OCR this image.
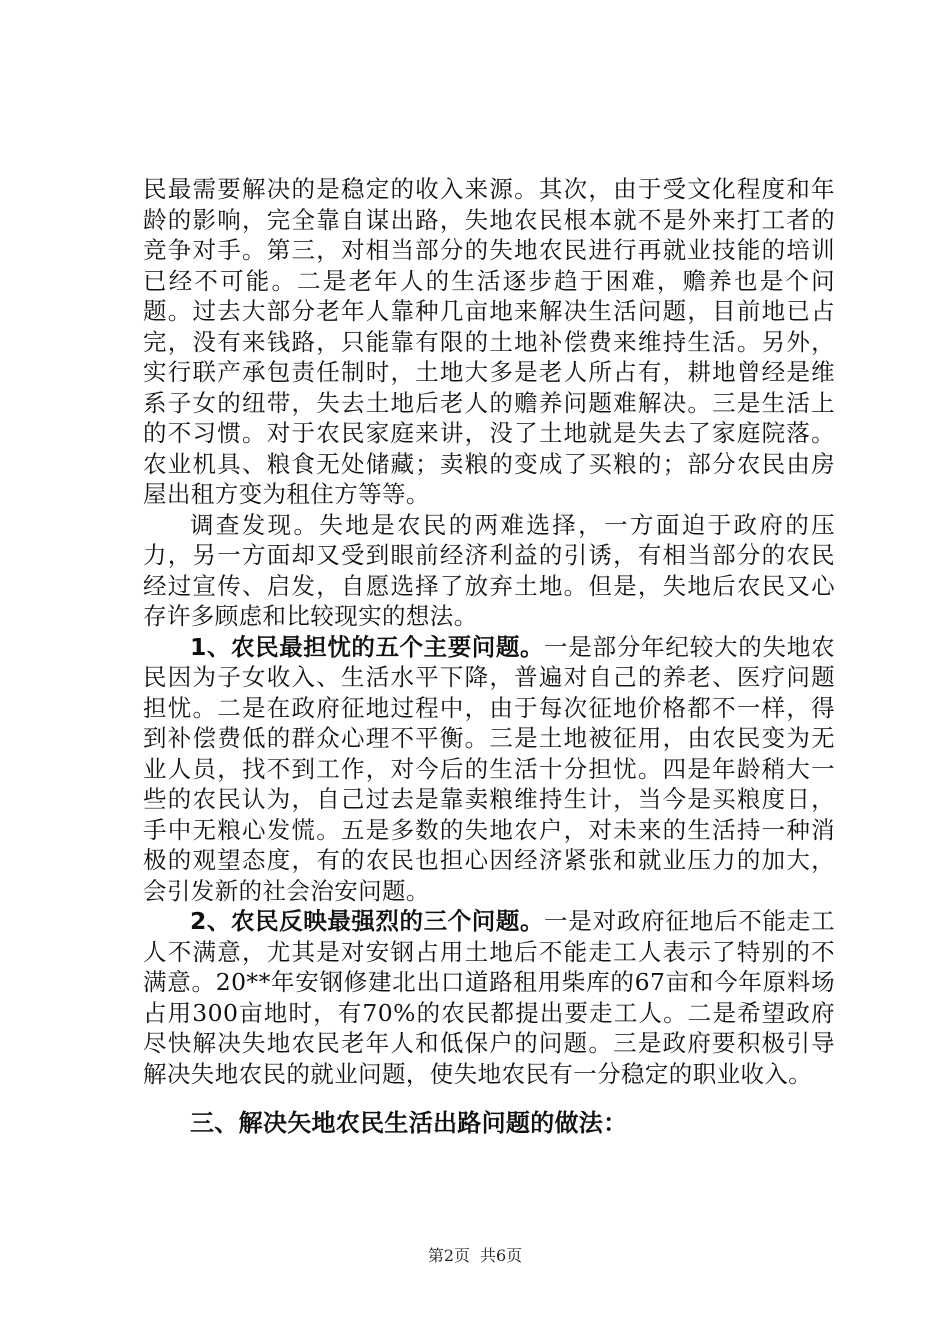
民最需要解决的是稳定的收入来源。其次，由于受文化程度和年龄的影响，完全靠自谋出路，失地农民根本就不是外来打工者的竞争对手。第三，对相当部分的失地农民进行再就业技能的培训已经不可能。二是老年人的生活逐步趋于困难，赡养也是个问题。过去大部分老年人靠种几亩地来解决生活问题，目前地已占完，没有来钱路，只能靠有限的土地补偿费来维持生活。另外，实行联产承包责任制时，土地大多是老人所占有，耕地曾经是维系子女的纽带，失去土地后老人的赡养问题难解决。三是生活上的不习惯。对于农民家庭来讲，没了土地就是失去了家庭院落。农业机具、粮食无处储藏；卖粮的变成了买粮的；部分农民由房屋出租方变为租住方等等。

调查发现。失地是农民的两难选择，一方面迫于政府的压力，另一方面却又受到眼前经济利益的引诱，有相当部分的农民经过宣传、启发，自愿选择了放弃土地。但是，失地后农民又心存许多顾虑和比较现实的想法。

1、农民最担忧的五个主要问题。一是部分年纪较大的失地农民因为子女收入、生活水平下降，普遍对自己的养老、医疗问题担忧。二是在政府征地过程中，由于每次征地价格都不一样，得到补偿费低的群众心理不平衡。三是土地被征用，由农民变为无业人员，找不到工作，对今后的生活十分担忧。四是年龄稍大一些的农民认为，自己过去是靠卖粮维持生计，当今是买粮度日，手中无粮心发慌。五是多数的失地农户，对未来的生活持一种消极的观望态度，有的农民也担心因经济紧张和就业压力的加大，会引发新的社会治安问题。

2、农民反映最强烈的三个问题。一是对政府征地后不能走工人不满意，尤其是对安钢占用土地后不能走工人表示了特别的不满意。20**年安钢修建北出口道路租用柴库的67亩和今年原料场占用300亩地时，有70%的农民都提出要走工人。二是希望政府尽快解决失地农民老年人和低保户的问题。三是政府要积极引导解决失地农民的就业问题，使失地农民有一分稳定的职业收入。

三、解决矢地农民生活出路问题的做法：

第2页 共6页
